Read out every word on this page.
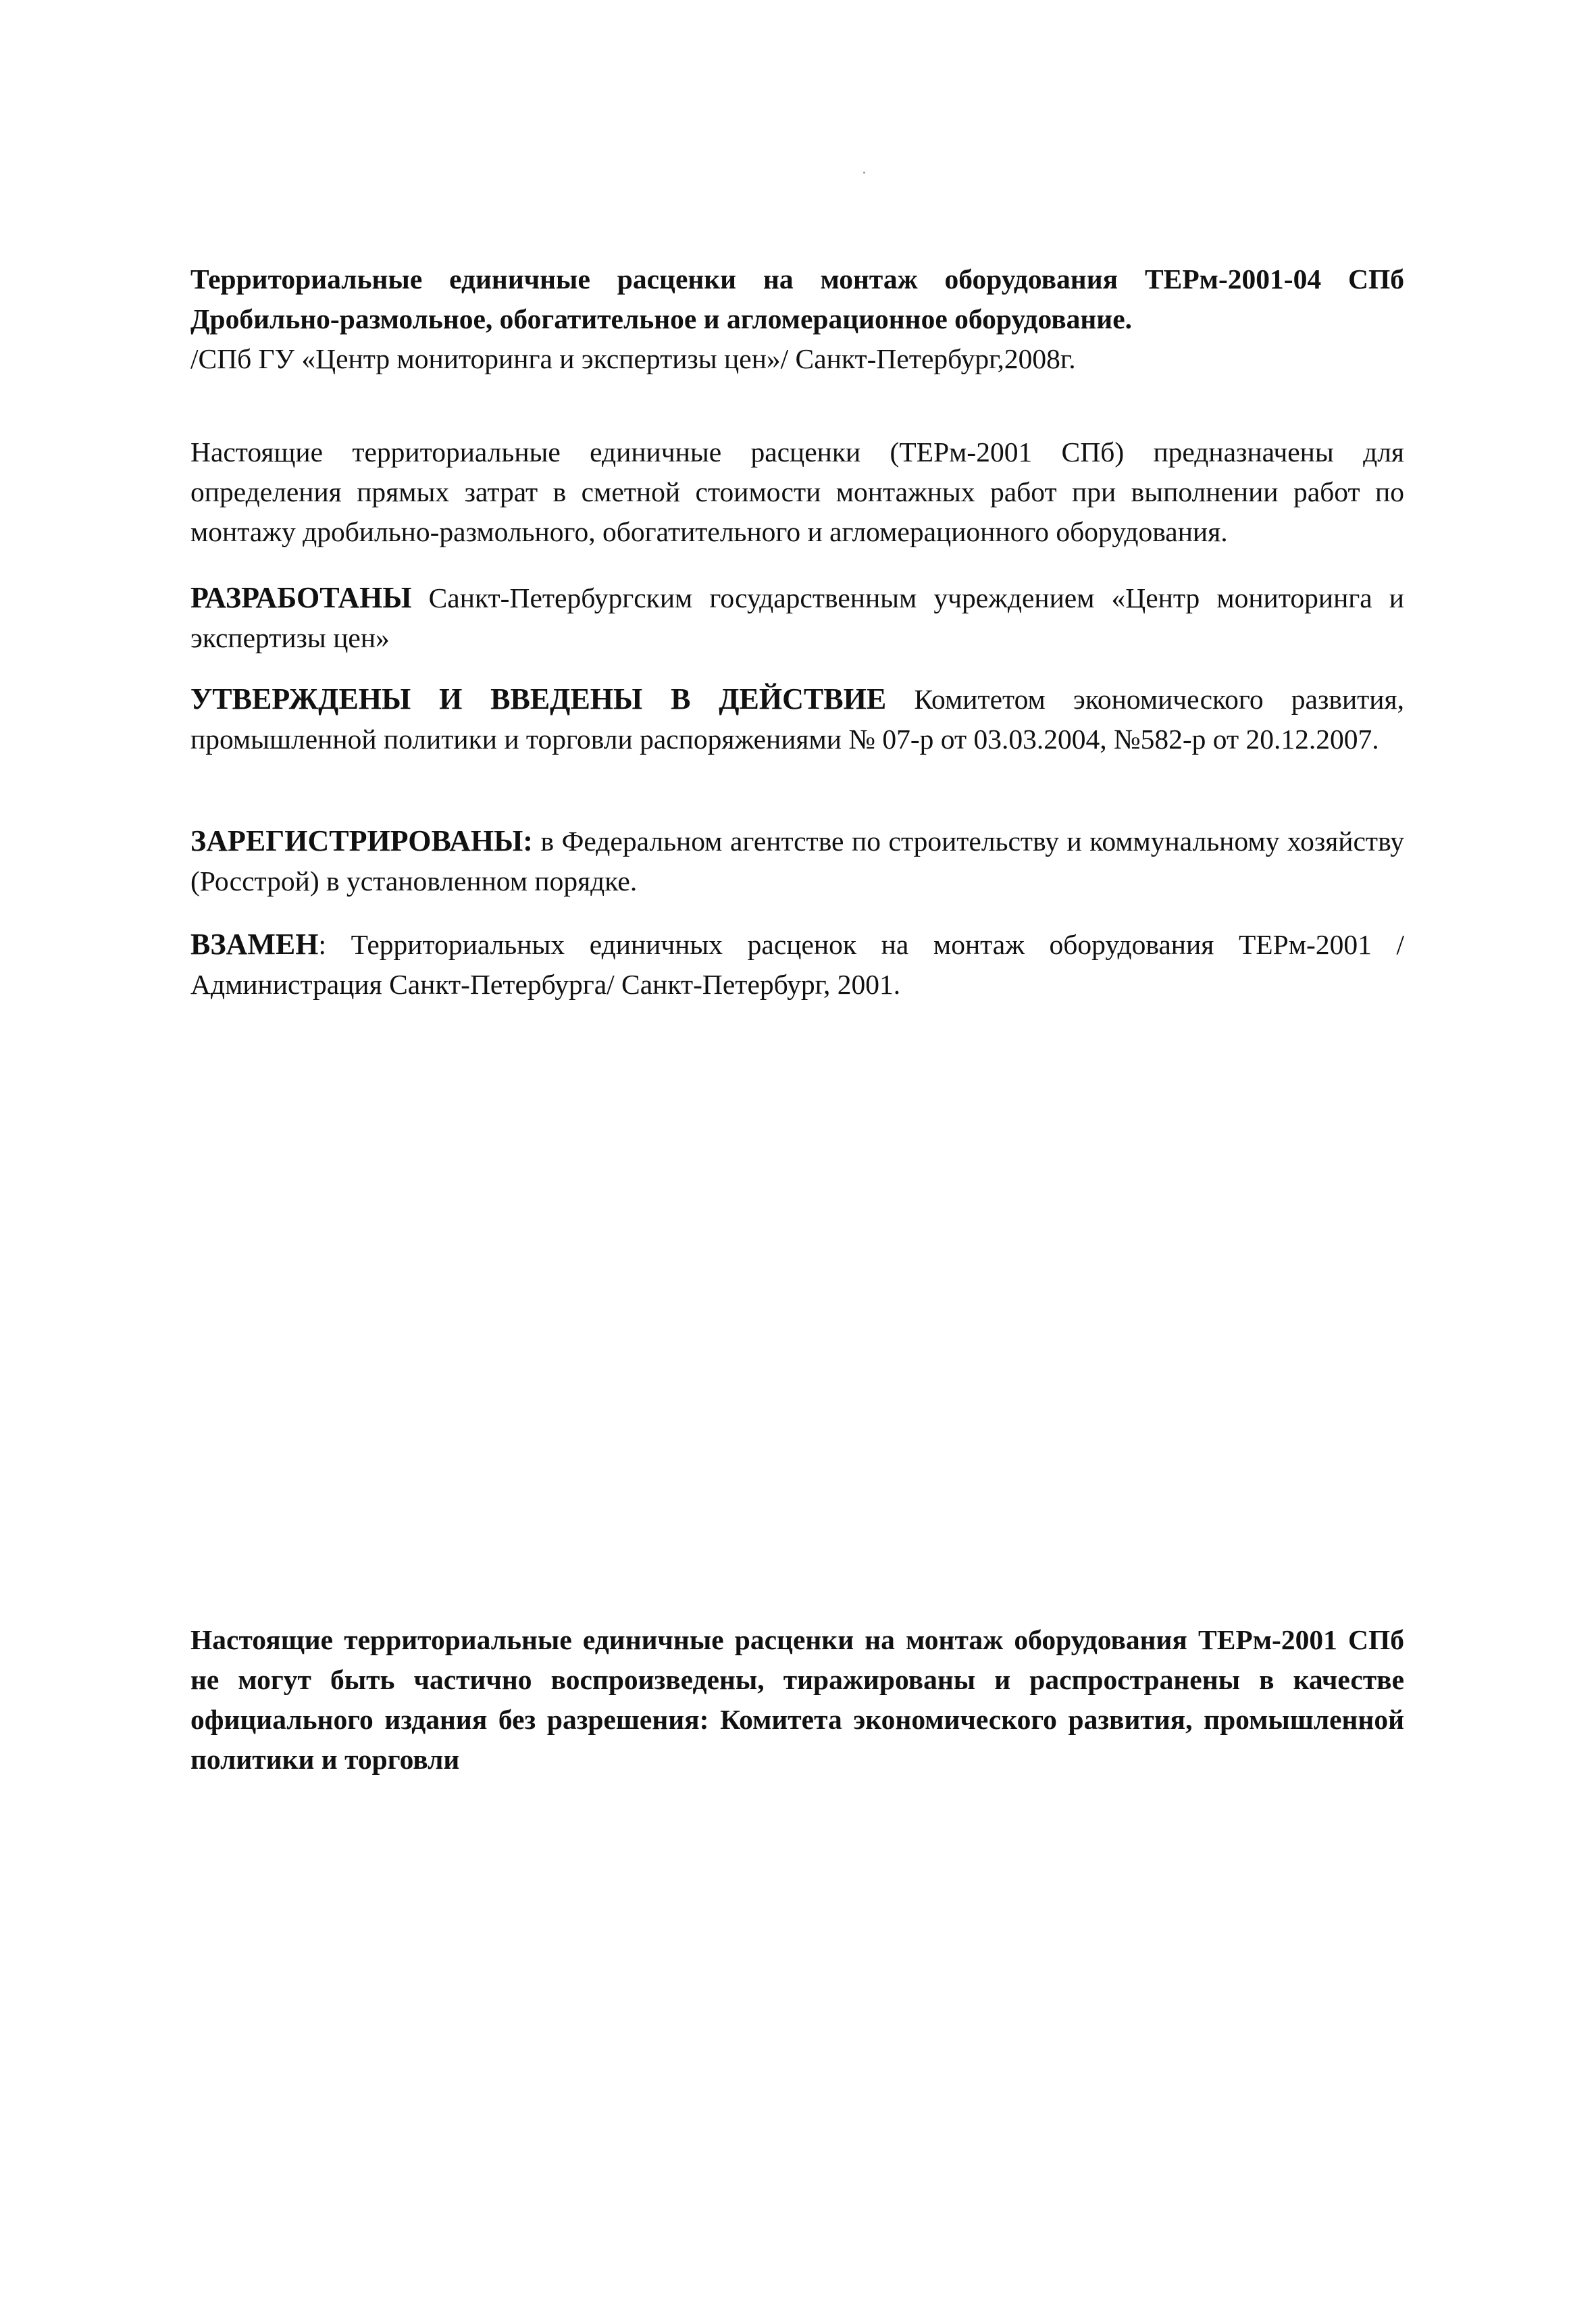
Территориальные единичные расценки на монтаж оборудования ТЕРм-2001-04 СПб
Дробильно-размольное, обогатительное и агломерационное оборудование.
/СПб ГУ «Центр мониторинга и экспертизы цен»/ Санкт-Петербург,2008г.
Настоящие территориальные единичные расценки (ТЕРм-2001 СПб) предназначены для определения прямых затрат в сметной стоимости монтажных работ при выполнении работ по монтажу дробильно-размольного, обогатительного и агломерационного оборудования.
РАЗРАБОТАНЫ Санкт-Петербургским государственным учреждением «Центр мониторинга и экспертизы цен»
УТВЕРЖДЕНЫ И ВВЕДЕНЫ В ДЕЙСТВИЕ Комитетом экономического развития, промышленной политики и торговли распоряжениями № 07-р от 03.03.2004, №582-р от 20.12.2007.
ЗАРЕГИСТРИРОВАНЫ: в Федеральном агентстве по строительству и коммунальному хозяйству (Росстрой) в установленном порядке.
ВЗАМЕН: Территориальных единичных расценок на монтаж оборудования ТЕРм-2001 /Администрация Санкт-Петербурга/ Санкт-Петербург, 2001.
Настоящие территориальные единичные расценки на монтаж оборудования ТЕРм-2001 СПб не могут быть частично воспроизведены, тиражированы и распространены в качестве официального издания без разрешения: Комитета экономического развития, промышленной политики и торговли
